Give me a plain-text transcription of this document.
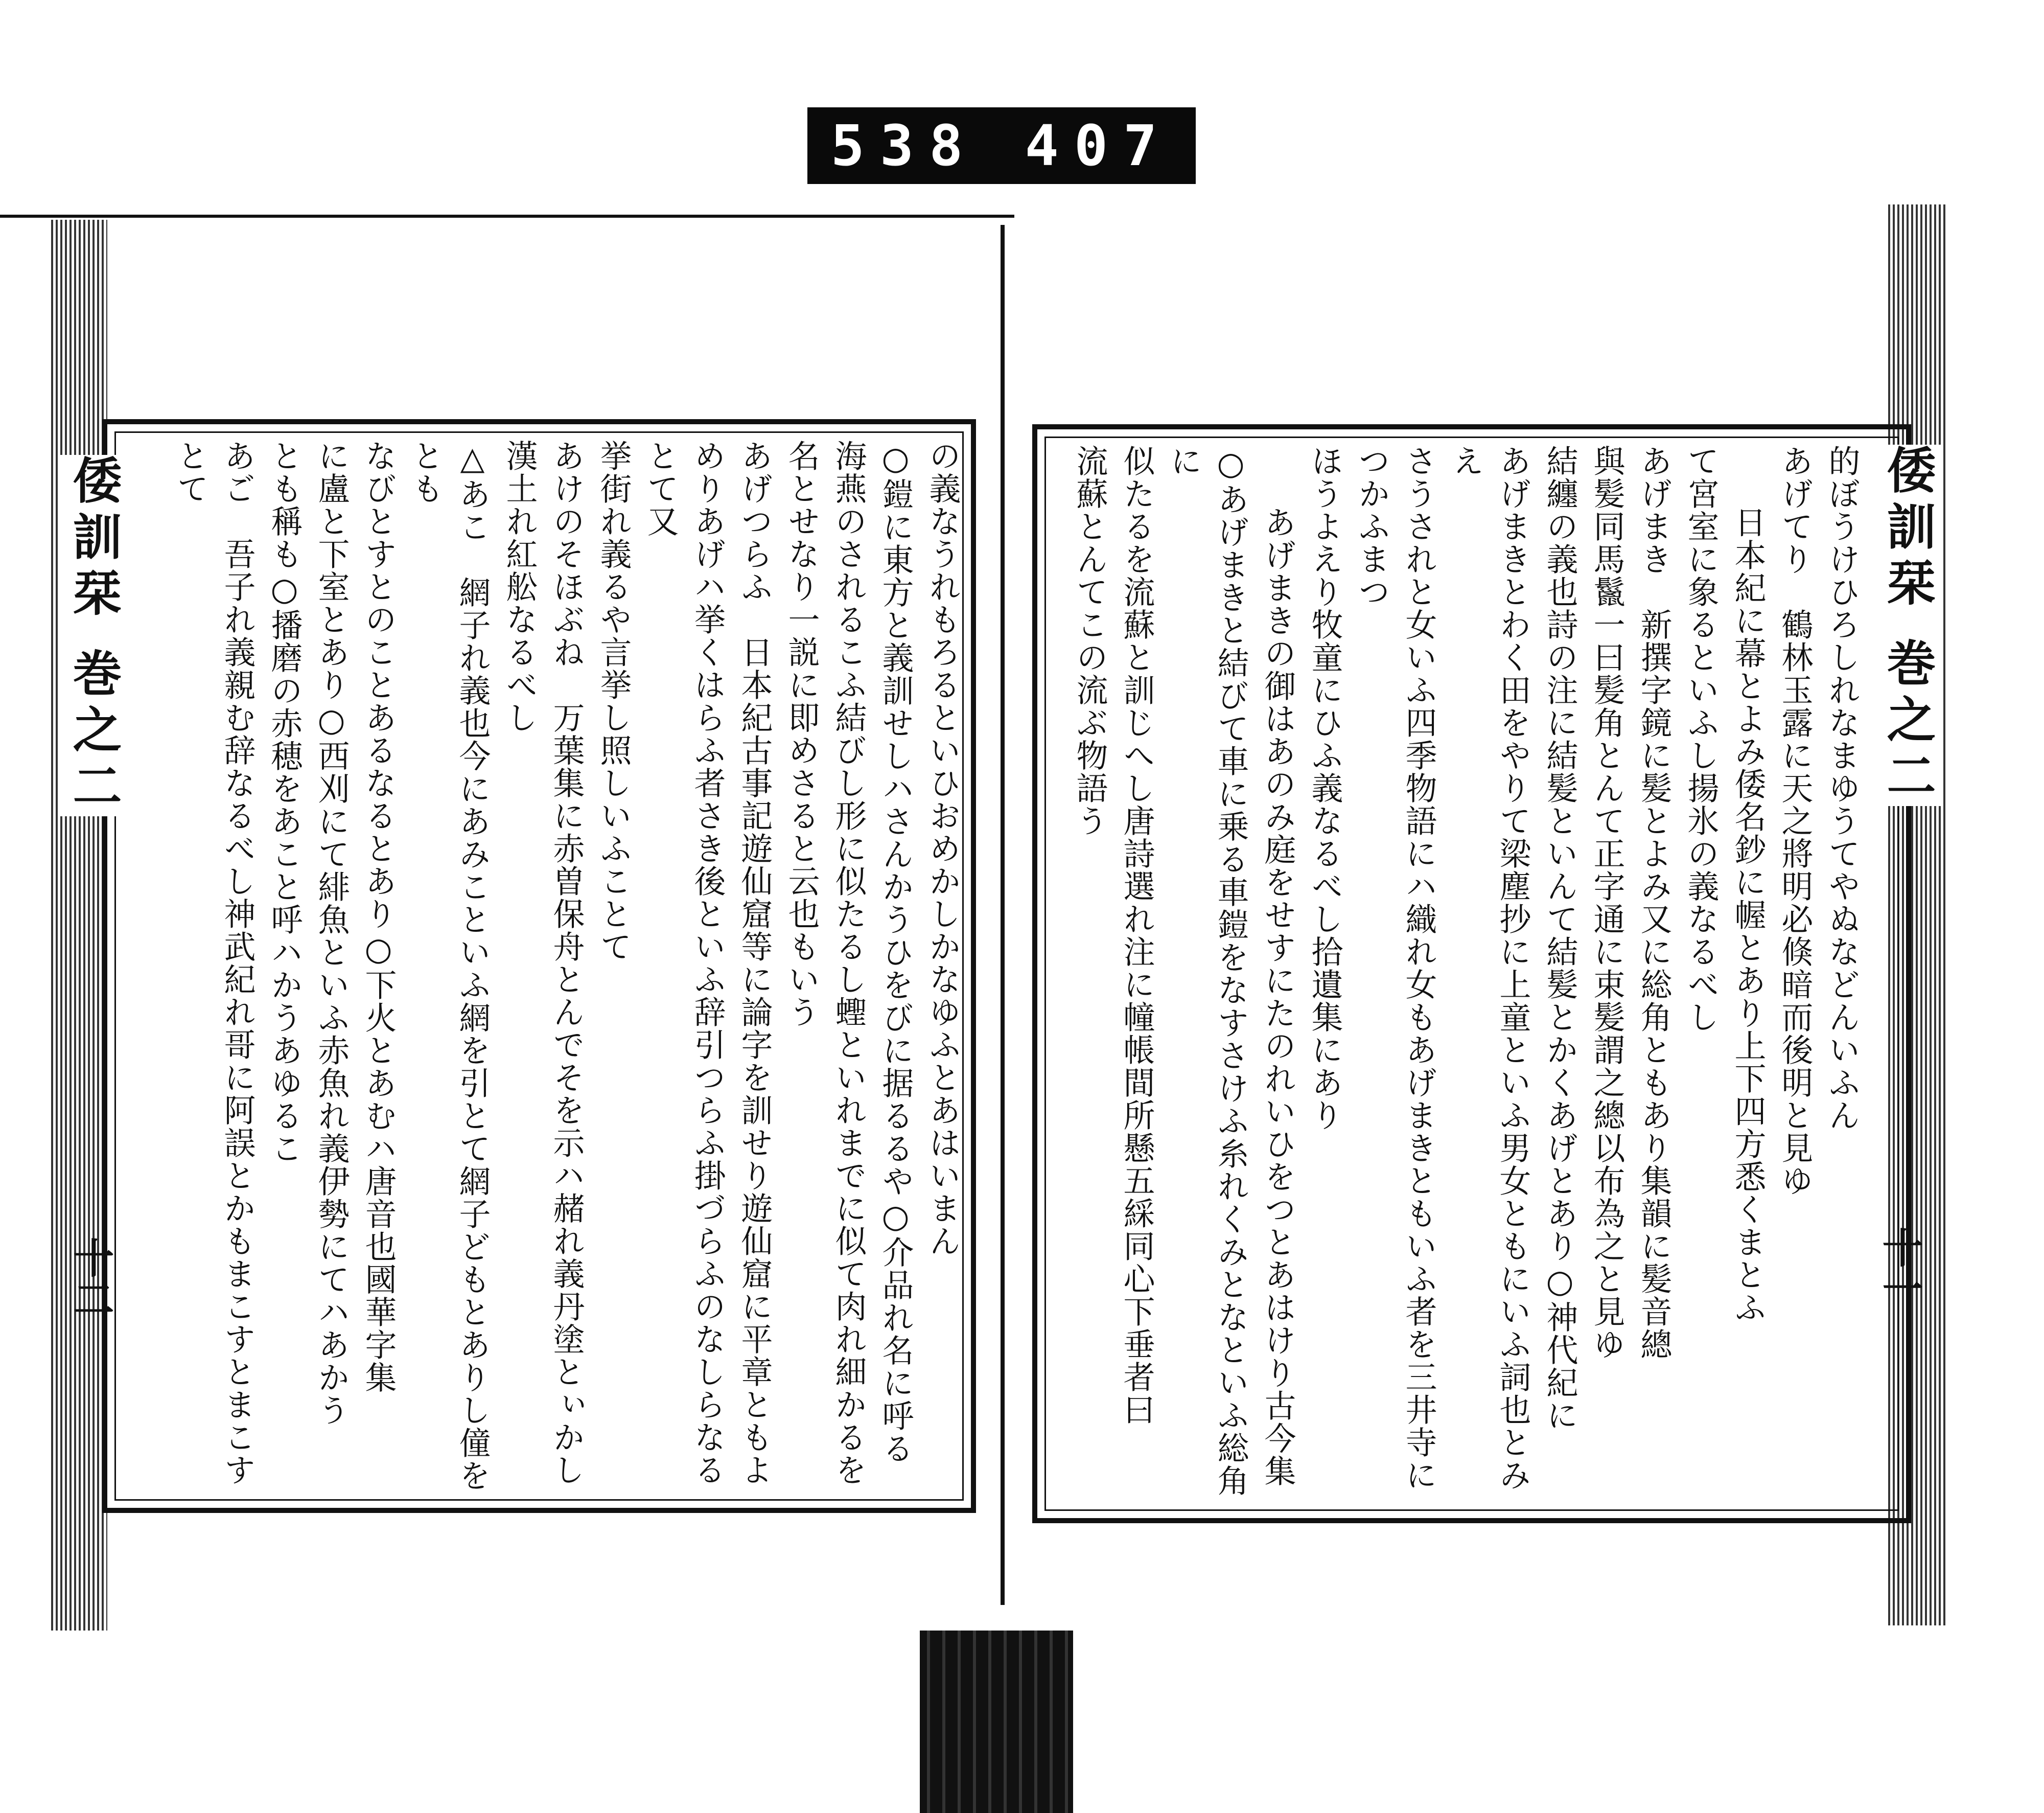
538 407
倭訓栞 巻之二	倭訓栞 巻之二
十二	十一
的ぼうけひろしれなまゆうてやぬなどんいふん
あげてり　鶴林玉露に天之將明必倏暗而後明と見ゆ
日本紀に幕とよみ倭名鈔に幄とあり上下四方悉くまとふ
て宮室に象るといふし揚氷の義なるべし
あげまき　新撰字鏡に髪とよみ又に総角ともあり集韻に髪音總
與髪同馬鬣一曰髪角とんて正字通に束髪謂之總以布為之と見ゆ
結纏の義也詩の注に結髪といんて結髪とかくあげとあり○神代紀に
あげまきとわく田をやりて梁塵抄に上童といふ男女ともにいふ詞也とみえ
さうされと女いふ四季物語にハ織れ女もあげまきともいふ者を三井寺につかふまつ
ほうよえり牧童にひふ義なるべし拾遺集にあり
あげまきの御はあのみ庭をせすにたのれいひをつとあはけり古今集
○あげまきと結びて車に乗る車鎧をなすさけふ糸れくみとなといふ総角に
似たるを流蘇と訓じへし唐詩選れ注に幢帳間所懸五綵同心下垂者曰
流蘇とんてこの流ぶ物語う
の義なうれもろるといひおめかしかなゆふとあはいまん
○鎧に東方と義訓せしハさんかうひをびに据るるや○介品れ名に呼る
海燕のされるこふ結びし形に似たるし蟶といれまでに似て肉れ細かるを
名とせなり一説に即めさると云也もいう
あげつらふ　日本紀古事記遊仙窟等に論字を訓せり遊仙窟に平章ともよ
めりあげハ挙くはらふ者さき後といふ辞引つらふ掛づらふのなしらなるとて又
挙街れ義るや言挙し照しいふことて
あけのそほぶね　万葉集に赤曽保舟とんでそを示ハ赭れ義丹塗とぃかし
漢土れ紅舩なるべし
△あこ　網子れ義也今にあみこといふ網を引とて網子どもとありし僮をとも
なびとすとのことあるなるとあり○下火とあむハ唐音也國華字集
に盧と下室とあり○西刈にて緋魚といふ赤魚れ義伊勢にてハあかう
とも稱も○播磨の赤穂をあこと呼ハかうあゆるこ
あご　吾子れ義親む辞なるべし神武紀れ哥に阿誤とかもまこすとまこすとて
